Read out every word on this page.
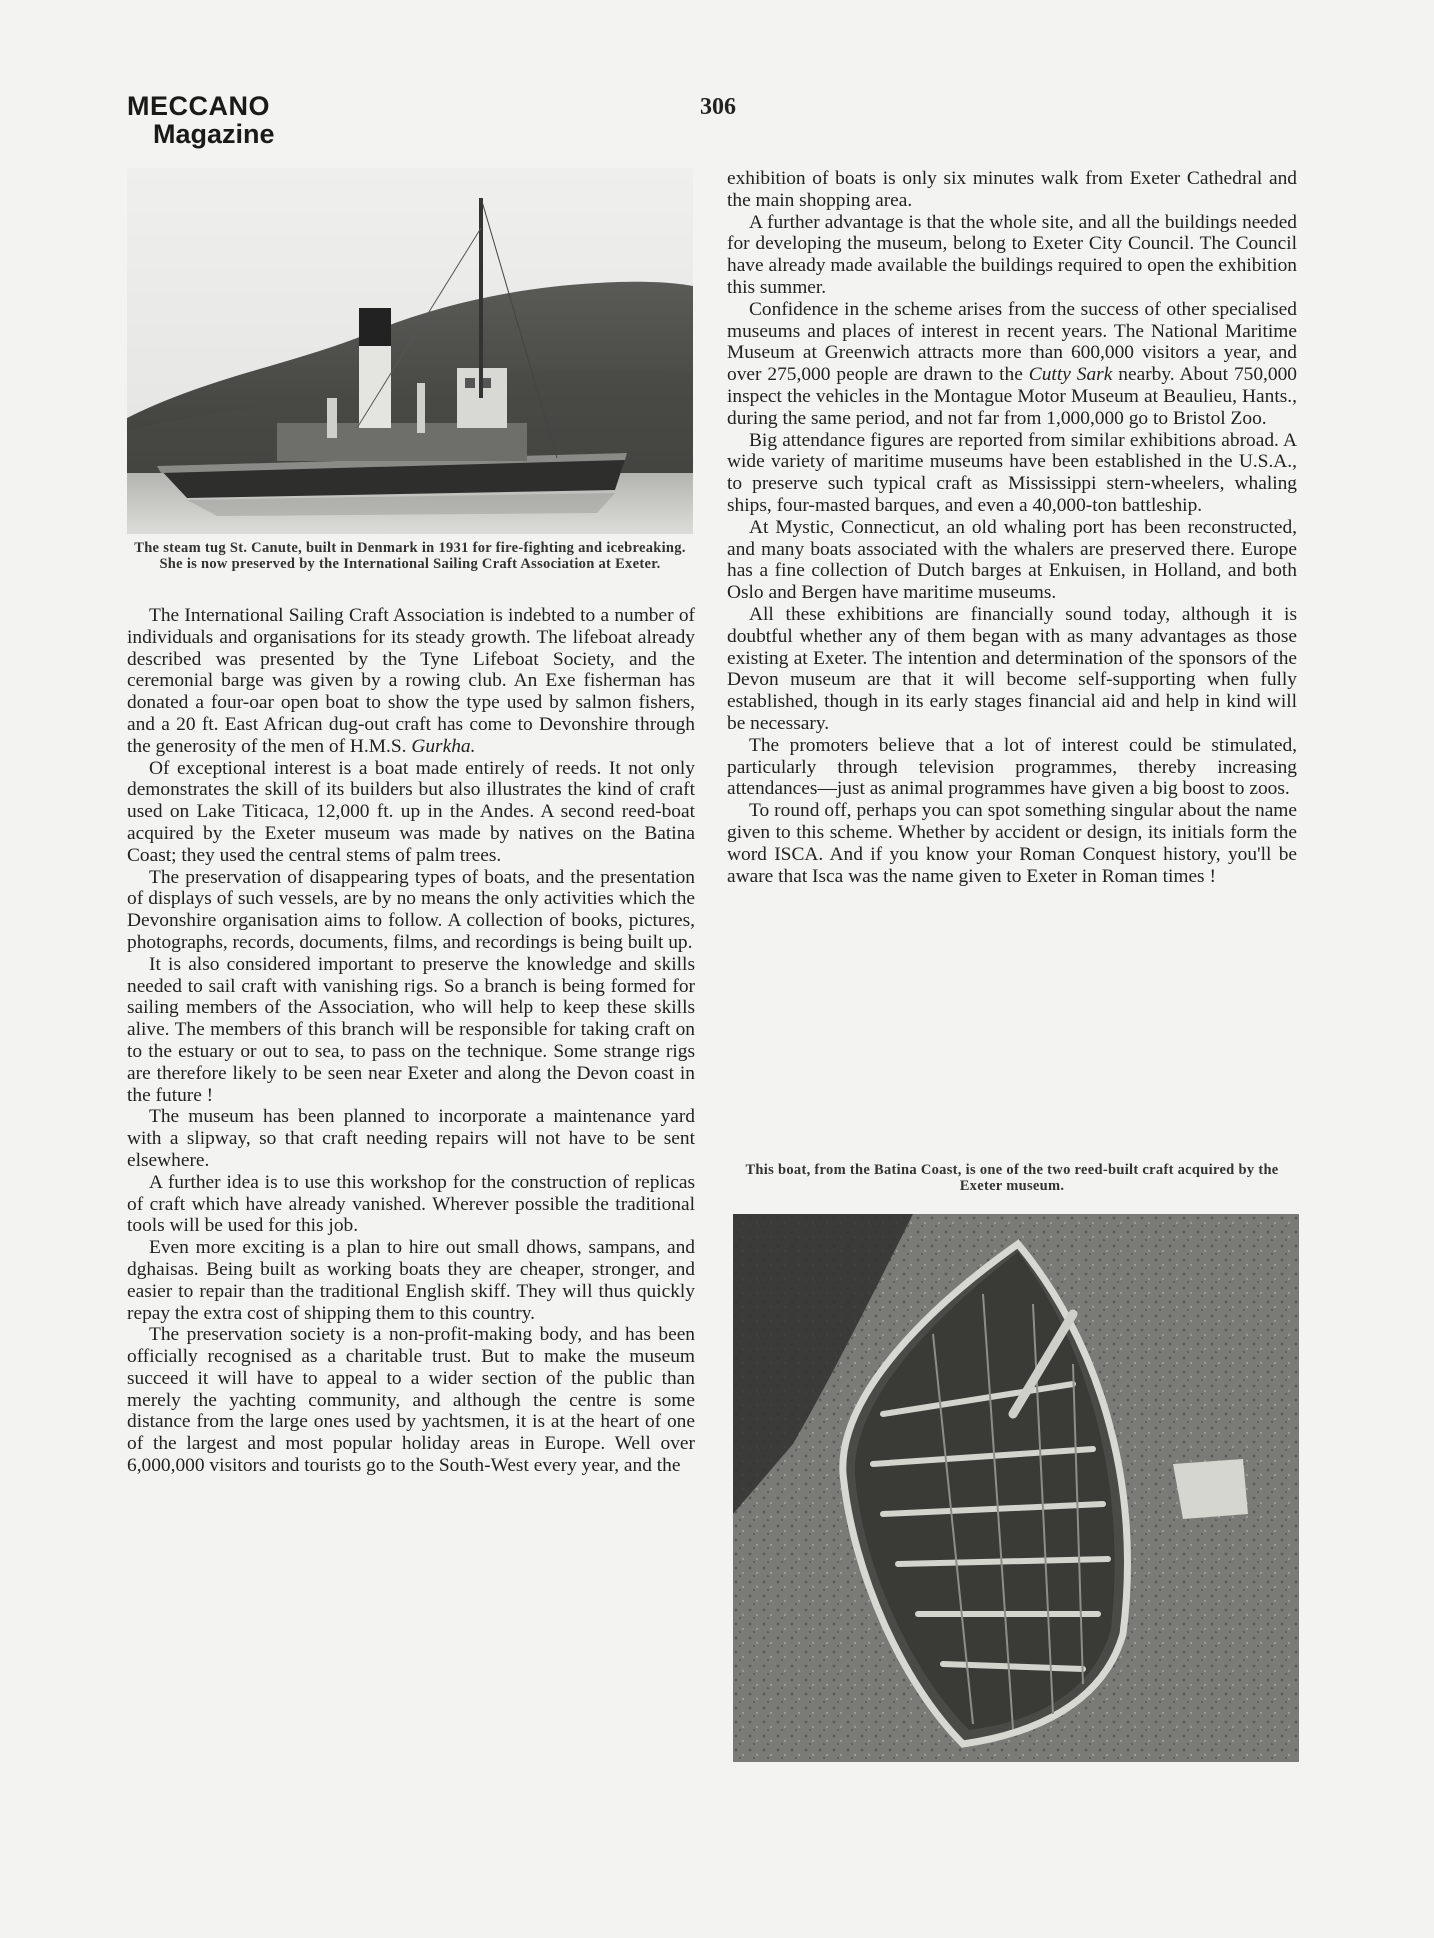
MECCANO
Magazine
306
The steam tug St. Canute, built in Denmark in 1931 for fire-fighting and icebreaking. She is now preserved by the International Sailing Craft Association at Exeter.

The International Sailing Craft Association is indebted to a number of individuals and organisations for its steady growth. The lifeboat already described was presented by the Tyne Lifeboat Society, and the ceremonial barge was given by a rowing club. An Exe fisherman has donated a four-oar open boat to show the type used by salmon fishers, and a 20 ft. East African dug-out craft has come to Devonshire through the generosity of the men of H.M.S. Gurkha.

Of exceptional interest is a boat made entirely of reeds. It not only demonstrates the skill of its builders but also illustrates the kind of craft used on Lake Titicaca, 12,000 ft. up in the Andes. A second reed-boat acquired by the Exeter museum was made by natives on the Batina Coast; they used the central stems of palm trees.

The preservation of disappearing types of boats, and the presentation of displays of such vessels, are by no means the only activities which the Devonshire organisation aims to follow. A collection of books, pictures, photographs, records, documents, films, and recordings is being built up.

It is also considered important to preserve the knowledge and skills needed to sail craft with vanishing rigs. So a branch is being formed for sailing members of the Association, who will help to keep these skills alive. The members of this branch will be responsible for taking craft on to the estuary or out to sea, to pass on the technique. Some strange rigs are therefore likely to be seen near Exeter and along the Devon coast in the future !

The museum has been planned to incorporate a maintenance yard with a slipway, so that craft needing repairs will not have to be sent elsewhere.

A further idea is to use this workshop for the construction of replicas of craft which have already vanished. Wherever possible the traditional tools will be used for this job.

Even more exciting is a plan to hire out small dhows, sampans, and dghaisas. Being built as working boats they are cheaper, stronger, and easier to repair than the traditional English skiff. They will thus quickly repay the extra cost of shipping them to this country.

The preservation society is a non-profit-making body, and has been officially recognised as a charitable trust. But to make the museum succeed it will have to appeal to a wider section of the public than merely the yachting community, and although the centre is some distance from the large ones used by yachtsmen, it is at the heart of one of the largest and most popular holiday areas in Europe. Well over 6,000,000 visitors and tourists go to the South-West every year, and the

exhibition of boats is only six minutes walk from Exeter Cathedral and the main shopping area.

A further advantage is that the whole site, and all the buildings needed for developing the museum, belong to Exeter City Council. The Council have already made available the buildings required to open the exhibition this summer.

Confidence in the scheme arises from the success of other specialised museums and places of interest in recent years. The National Maritime Museum at Greenwich attracts more than 600,000 visitors a year, and over 275,000 people are drawn to the Cutty Sark nearby. About 750,000 inspect the vehicles in the Montague Motor Museum at Beaulieu, Hants., during the same period, and not far from 1,000,000 go to Bristol Zoo.

Big attendance figures are reported from similar exhibitions abroad. A wide variety of maritime museums have been established in the U.S.A., to preserve such typical craft as Mississippi stern-wheelers, whaling ships, four-masted barques, and even a 40,000-ton battleship.

At Mystic, Connecticut, an old whaling port has been reconstructed, and many boats associated with the whalers are preserved there. Europe has a fine collection of Dutch barges at Enkuisen, in Holland, and both Oslo and Bergen have maritime museums.

All these exhibitions are financially sound today, although it is doubtful whether any of them began with as many advantages as those existing at Exeter. The intention and determination of the sponsors of the Devon museum are that it will become self-supporting when fully established, though in its early stages financial aid and help in kind will be necessary.

The promoters believe that a lot of interest could be stimulated, particularly through television programmes, thereby increasing attendances—just as animal programmes have given a big boost to zoos.

To round off, perhaps you can spot something singular about the name given to this scheme. Whether by accident or design, its initials form the word ISCA. And if you know your Roman Conquest history, you'll be aware that Isca was the name given to Exeter in Roman times !

This boat, from the Batina Coast, is one of the two reed-built craft acquired by the Exeter museum.
